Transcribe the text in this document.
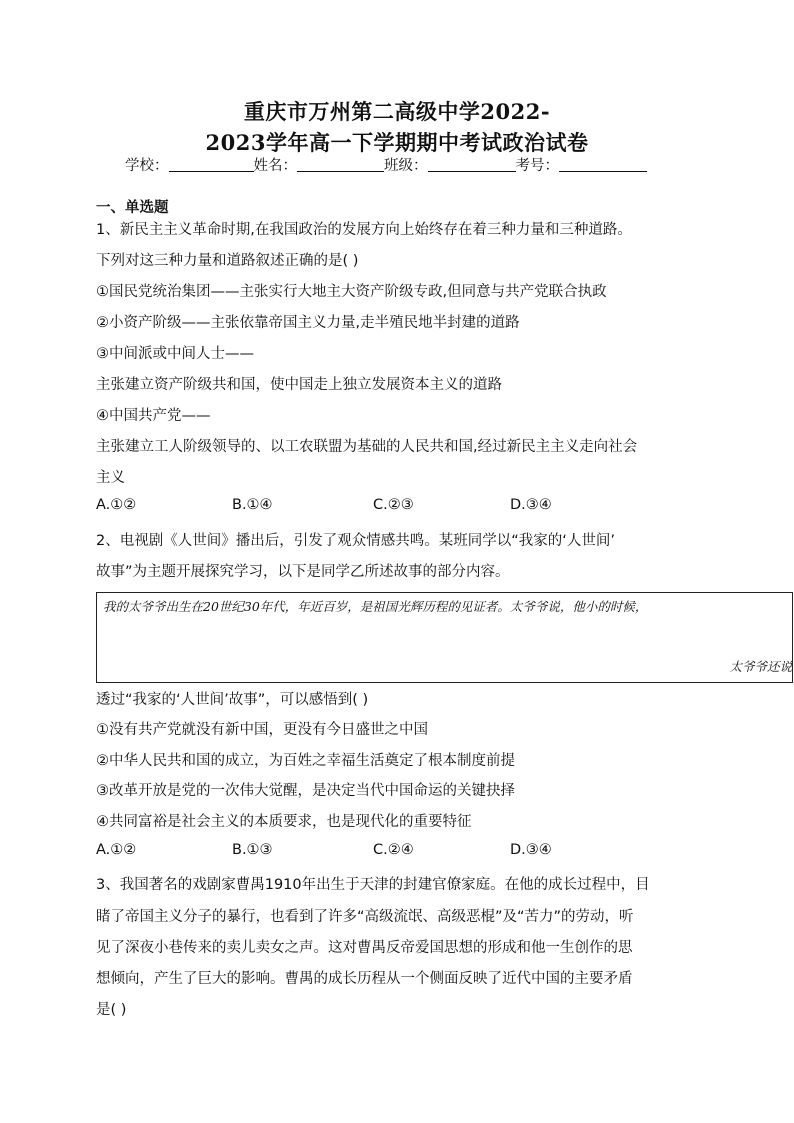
重庆市万州第二高级中学2022-
2023学年高一下学期期中考试政治试卷
学校：	姓名：	班级：	考号：
一、单选题
1、新民主主义革命时期,在我国政治的发展方向上始终存在着三种力量和三种道路。
下列对这三种力量和道路叙述正确的是( )
①国民党统治集团——主张实行大地主大资产阶级专政,但同意与共产党联合执政
②小资产阶级——主张依靠帝国主义力量,走半殖民地半封建的道路
③中间派或中间人士——
主张建立资产阶级共和国，使中国走上独立发展资本主义的道路
④中国共产党——
主张建立工人阶级领导的、以工农联盟为基础的人民共和国,经过新民主主义走向社会
主义
A.①②	B.①④	C.②③	D.③④
2、电视剧《人世间》播出后，引发了观众情感共鸣。某班同学以“我家的‘人世间’
故事”为主题开展探究学习，以下是同学乙所述故事的部分内容。
我的太爷爷出生在20世纪30年代，年近百岁，是祖国光辉历程的见证者。太爷爷说，他小的时候，
太爷爷还说
透过“我家的‘人世间’故事”，可以感悟到( )
①没有共产党就没有新中国，更没有今日盛世之中国
②中华人民共和国的成立，为百姓之幸福生活奠定了根本制度前提
③改革开放是党的一次伟大觉醒，是决定当代中国命运的关键抉择
④共同富裕是社会主义的本质要求，也是现代化的重要特征
A.①②	B.①③	C.②④	D.③④
3、我国著名的戏剧家曹禺1910年出生于天津的封建官僚家庭。在他的成长过程中，目
睹了帝国主义分子的暴行，也看到了许多“高级流氓、高级恶棍”及“苦力”的劳动，听
见了深夜小巷传来的卖儿卖女之声。这对曹禺反帝爱国思想的形成和他一生创作的思
想倾向，产生了巨大的影响。曹禺的成长历程从一个侧面反映了近代中国的主要矛盾
是( )
